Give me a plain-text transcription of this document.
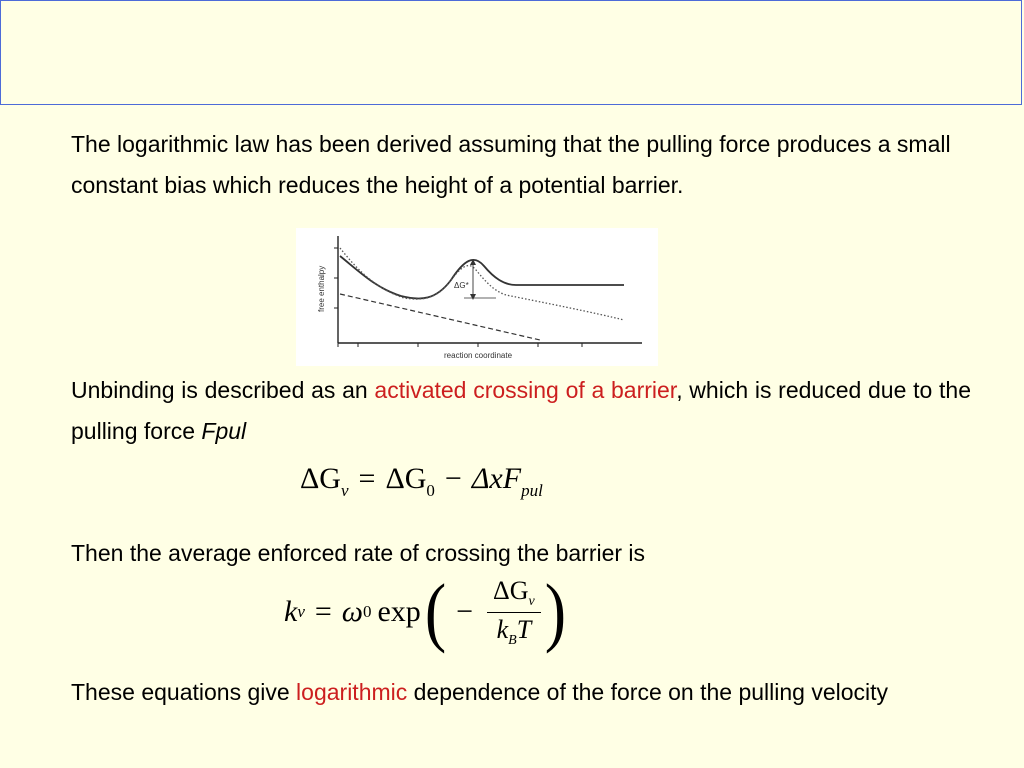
The logarithmic law has been derived assuming that the pulling force produces a small constant bias which reduces the height of a potential barrier.

ΔG*
free enthalpy
reaction coordinate

Unbinding is described as an activated crossing of a barrier, which is reduced due to the pulling force Fpul

$\Delta G_v = \Delta G_0 - \Delta xF_{pul}$

Then the average enforced rate of crossing the barrier is

k v = ω 0 exp ( − $\frac{\Delta G_v}{k_BT}$ )

These equations give logarithmic dependence of the force on the pulling velocity
